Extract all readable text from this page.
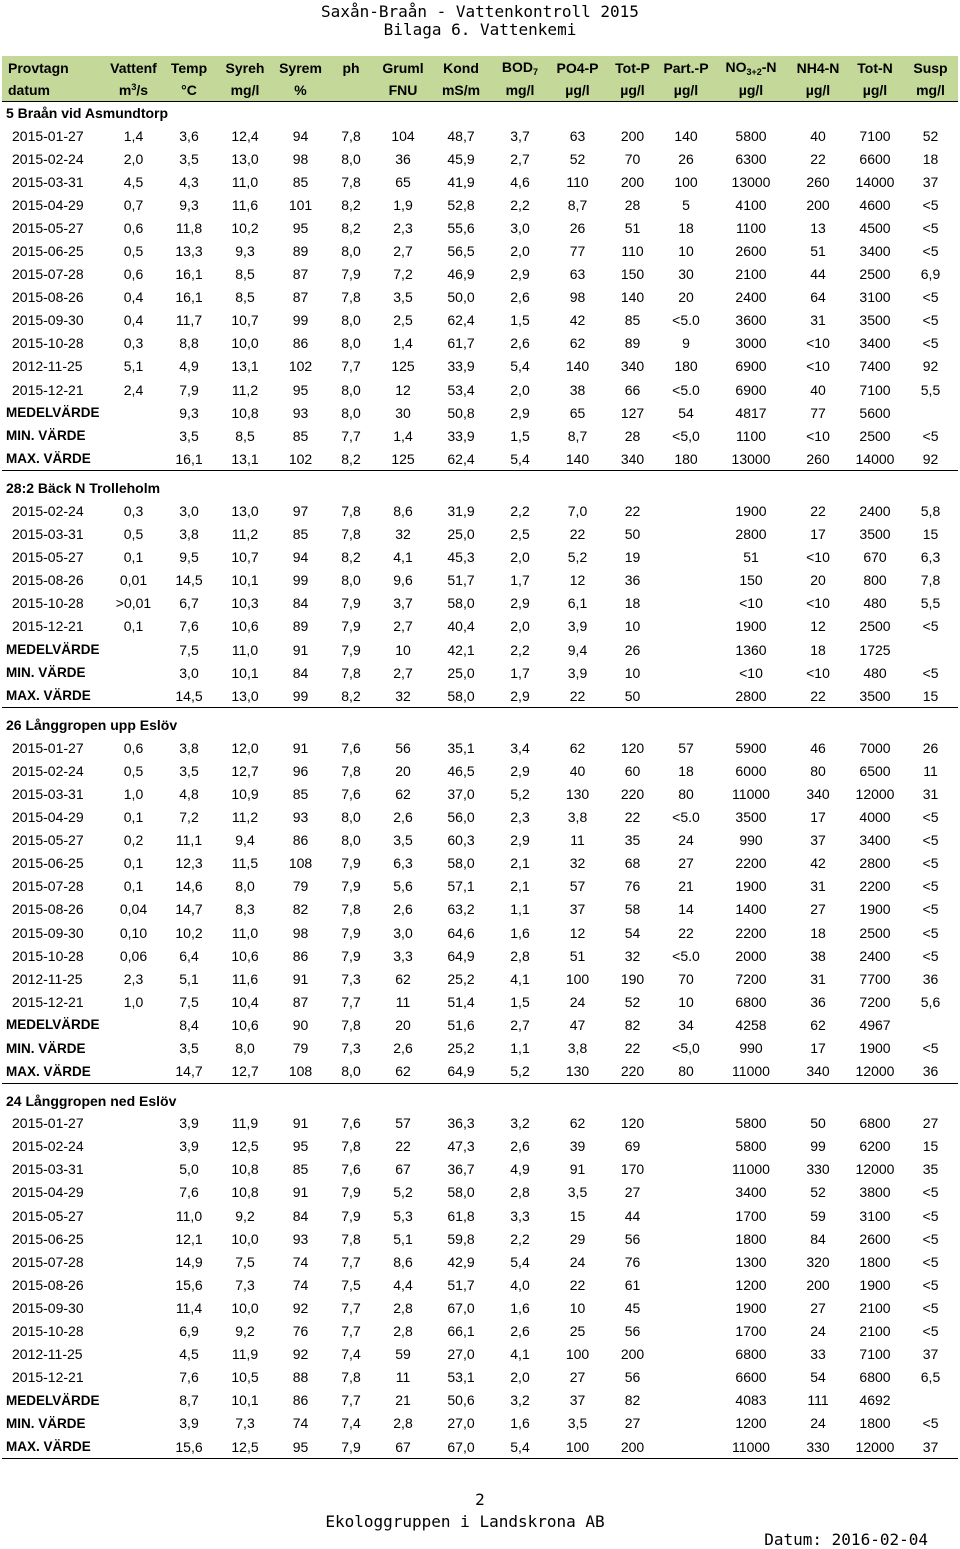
Saxån-Braån - Vattenkontroll 2015
Bilaga 6. Vattenkemi
Provtagn	Vattenf	Temp	Syreh	Syrem	ph	Gruml	Kond	$BOD_7$	PO4-P	Tot-P	Part.-P	$NO_{3+2}-N$	NH4-N	Tot-N	Susp
datum	$m^3/s$	°C	mg/l	%		FNU	mS/m	mg/l	µg/l	µg/l	µg/l	µg/l	µg/l	µg/l	mg/l
5 Braån vid Asmundtorp															
2015-01-27	1,4	3,6	12,4	94	7,8	104	48,7	3,7	63	200	140	5800	40	7100	52
2015-02-24	2,0	3,5	13,0	98	8,0	36	45,9	2,7	52	70	26	6300	22	6600	18
2015-03-31	4,5	4,3	11,0	85	7,8	65	41,9	4,6	110	200	100	13000	260	14000	37
2015-04-29	0,7	9,3	11,6	101	8,2	1,9	52,8	2,2	8,7	28	5	4100	200	4600	<5
2015-05-27	0,6	11,8	10,2	95	8,2	2,3	55,6	3,0	26	51	18	1100	13	4500	<5
2015-06-25	0,5	13,3	9,3	89	8,0	2,7	56,5	2,0	77	110	10	2600	51	3400	<5
2015-07-28	0,6	16,1	8,5	87	7,9	7,2	46,9	2,9	63	150	30	2100	44	2500	6,9
2015-08-26	0,4	16,1	8,5	87	7,8	3,5	50,0	2,6	98	140	20	2400	64	3100	<5
2015-09-30	0,4	11,7	10,7	99	8,0	2,5	62,4	1,5	42	85	<5.0	3600	31	3500	<5
2015-10-28	0,3	8,8	10,0	86	8,0	1,4	61,7	2,6	62	89	9	3000	<10	3400	<5
2012-11-25	5,1	4,9	13,1	102	7,7	125	33,9	5,4	140	340	180	6900	<10	7400	92
2015-12-21	2,4	7,9	11,2	95	8,0	12	53,4	2,0	38	66	<5.0	6900	40	7100	5,5
MEDELVÄRDE		9,3	10,8	93	8,0	30	50,8	2,9	65	127	54	4817	77	5600	
MIN. VÄRDE		3,5	8,5	85	7,7	1,4	33,9	1,5	8,7	28	<5,0	1100	<10	2500	<5
MAX. VÄRDE		16,1	13,1	102	8,2	125	62,4	5,4	140	340	180	13000	260	14000	92

28:2 Bäck N Trolleholm															
2015-02-24	0,3	3,0	13,0	97	7,8	8,6	31,9	2,2	7,0	22		1900	22	2400	5,8
2015-03-31	0,5	3,8	11,2	85	7,8	32	25,0	2,5	22	50		2800	17	3500	15
2015-05-27	0,1	9,5	10,7	94	8,2	4,1	45,3	2,0	5,2	19		51	<10	670	6,3
2015-08-26	0,01	14,5	10,1	99	8,0	9,6	51,7	1,7	12	36		150	20	800	7,8
2015-10-28	>0,01	6,7	10,3	84	7,9	3,7	58,0	2,9	6,1	18		<10	<10	480	5,5
2015-12-21	0,1	7,6	10,6	89	7,9	2,7	40,4	2,0	3,9	10		1900	12	2500	<5
MEDELVÄRDE		7,5	11,0	91	7,9	10	42,1	2,2	9,4	26		1360	18	1725	
MIN. VÄRDE		3,0	10,1	84	7,8	2,7	25,0	1,7	3,9	10		<10	<10	480	<5
MAX. VÄRDE		14,5	13,0	99	8,2	32	58,0	2,9	22	50		2800	22	3500	15

26 Långgropen upp Eslöv															
2015-01-27	0,6	3,8	12,0	91	7,6	56	35,1	3,4	62	120	57	5900	46	7000	26
2015-02-24	0,5	3,5	12,7	96	7,8	20	46,5	2,9	40	60	18	6000	80	6500	11
2015-03-31	1,0	4,8	10,9	85	7,6	62	37,0	5,2	130	220	80	11000	340	12000	31
2015-04-29	0,1	7,2	11,2	93	8,0	2,6	56,0	2,3	3,8	22	<5.0	3500	17	4000	<5
2015-05-27	0,2	11,1	9,4	86	8,0	3,5	60,3	2,9	11	35	24	990	37	3400	<5
2015-06-25	0,1	12,3	11,5	108	7,9	6,3	58,0	2,1	32	68	27	2200	42	2800	<5
2015-07-28	0,1	14,6	8,0	79	7,9	5,6	57,1	2,1	57	76	21	1900	31	2200	<5
2015-08-26	0,04	14,7	8,3	82	7,8	2,6	63,2	1,1	37	58	14	1400	27	1900	<5
2015-09-30	0,10	10,2	11,0	98	7,9	3,0	64,6	1,6	12	54	22	2200	18	2500	<5
2015-10-28	0,06	6,4	10,6	86	7,9	3,3	64,9	2,8	51	32	<5.0	2000	38	2400	<5
2012-11-25	2,3	5,1	11,6	91	7,3	62	25,2	4,1	100	190	70	7200	31	7700	36
2015-12-21	1,0	7,5	10,4	87	7,7	11	51,4	1,5	24	52	10	6800	36	7200	5,6
MEDELVÄRDE		8,4	10,6	90	7,8	20	51,6	2,7	47	82	34	4258	62	4967	
MIN. VÄRDE		3,5	8,0	79	7,3	2,6	25,2	1,1	3,8	22	<5,0	990	17	1900	<5
MAX. VÄRDE		14,7	12,7	108	8,0	62	64,9	5,2	130	220	80	11000	340	12000	36

24 Långgropen ned Eslöv															
2015-01-27		3,9	11,9	91	7,6	57	36,3	3,2	62	120		5800	50	6800	27
2015-02-24		3,9	12,5	95	7,8	22	47,3	2,6	39	69		5800	99	6200	15
2015-03-31		5,0	10,8	85	7,6	67	36,7	4,9	91	170		11000	330	12000	35
2015-04-29		7,6	10,8	91	7,9	5,2	58,0	2,8	3,5	27		3400	52	3800	<5
2015-05-27		11,0	9,2	84	7,9	5,3	61,8	3,3	15	44		1700	59	3100	<5
2015-06-25		12,1	10,0	93	7,8	5,1	59,8	2,2	29	56		1800	84	2600	<5
2015-07-28		14,9	7,5	74	7,7	8,6	42,9	5,4	24	76		1300	320	1800	<5
2015-08-26		15,6	7,3	74	7,5	4,4	51,7	4,0	22	61		1200	200	1900	<5
2015-09-30		11,4	10,0	92	7,7	2,8	67,0	1,6	10	45		1900	27	2100	<5
2015-10-28		6,9	9,2	76	7,7	2,8	66,1	2,6	25	56		1700	24	2100	<5
2012-11-25		4,5	11,9	92	7,4	59	27,0	4,1	100	200		6800	33	7100	37
2015-12-21		7,6	10,5	88	7,8	11	53,1	2,0	27	56		6600	54	6800	6,5
MEDELVÄRDE		8,7	10,1	86	7,7	21	50,6	3,2	37	82		4083	111	4692	
MIN. VÄRDE		3,9	7,3	74	7,4	2,8	27,0	1,6	3,5	27		1200	24	1800	<5
MAX. VÄRDE		15,6	12,5	95	7,9	67	67,0	5,4	100	200		11000	330	12000	37
2
Ekologgruppen i Landskrona AB
Datum: 2016-02-04
